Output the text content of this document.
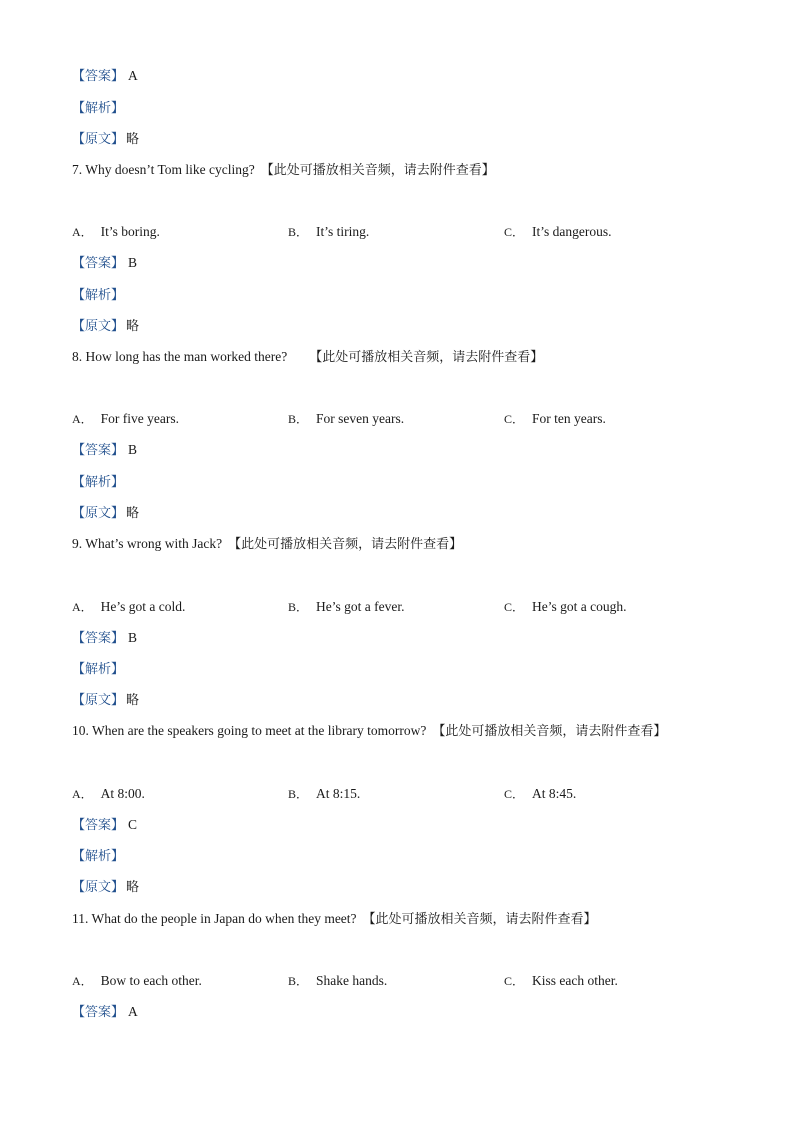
【答案】 A
【解析】
【原文】 略
7. Why doesn’t Tom like cycling? 【此处可播放相关音频，请去附件查看】
A． It’s boring.	B． It’s tiring.	C． It’s dangerous.
【答案】 B
【解析】
【原文】 略
8. How long has the man worked there? 【此处可播放相关音频，请去附件查看】
A． For five years.	B． For seven years.	C． For ten years.
【答案】 B
【解析】
【原文】 略
9. What’s wrong with Jack? 【此处可播放相关音频，请去附件查看】
A． He’s got a cold.	B． He’s got a fever.	C． He’s got a cough.
【答案】 B
【解析】
【原文】 略
10. When are the speakers going to meet at the library tomorrow? 【此处可播放相关音频，请去附件查看】
A． At 8:00.	B． At 8:15.	C． At 8:45.
【答案】 C
【解析】
【原文】 略
11. What do the people in Japan do when they meet? 【此处可播放相关音频，请去附件查看】
A． Bow to each other.	B． Shake hands.	C． Kiss each other.
【答案】 A
